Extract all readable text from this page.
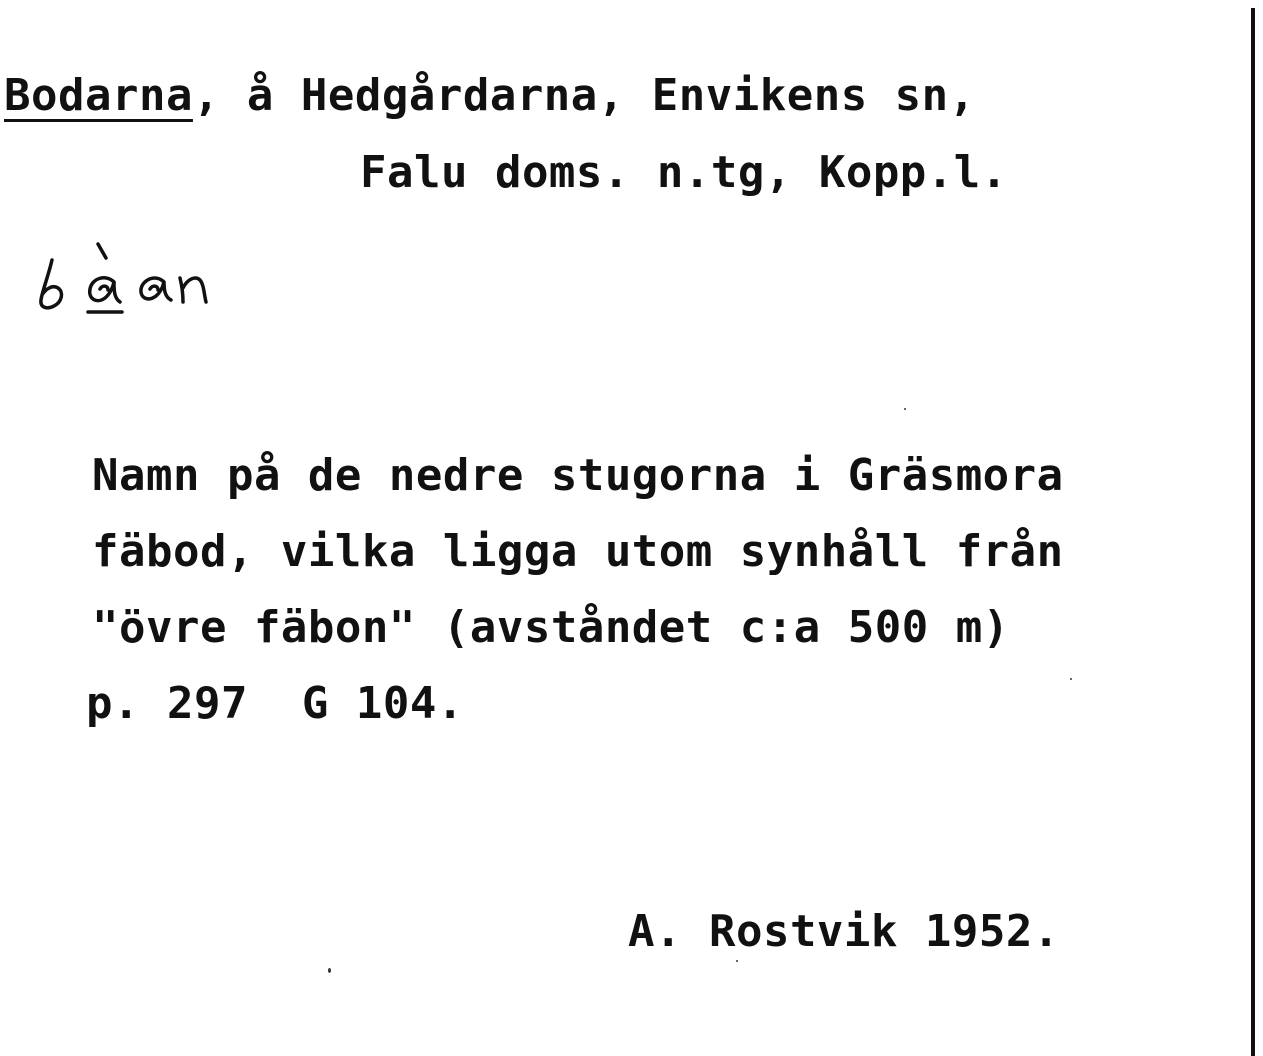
Bodarna, å Hedgårdarna, Envikens sn,
Falu doms. n.tg, Kopp.l.
Namn på de nedre stugorna i Gräsmora
fäbod, vilka ligga utom synhåll från
"övre fäbon" (avståndet c:a 500 m)
p. 297  G 104.
A. Rostvik 1952.
